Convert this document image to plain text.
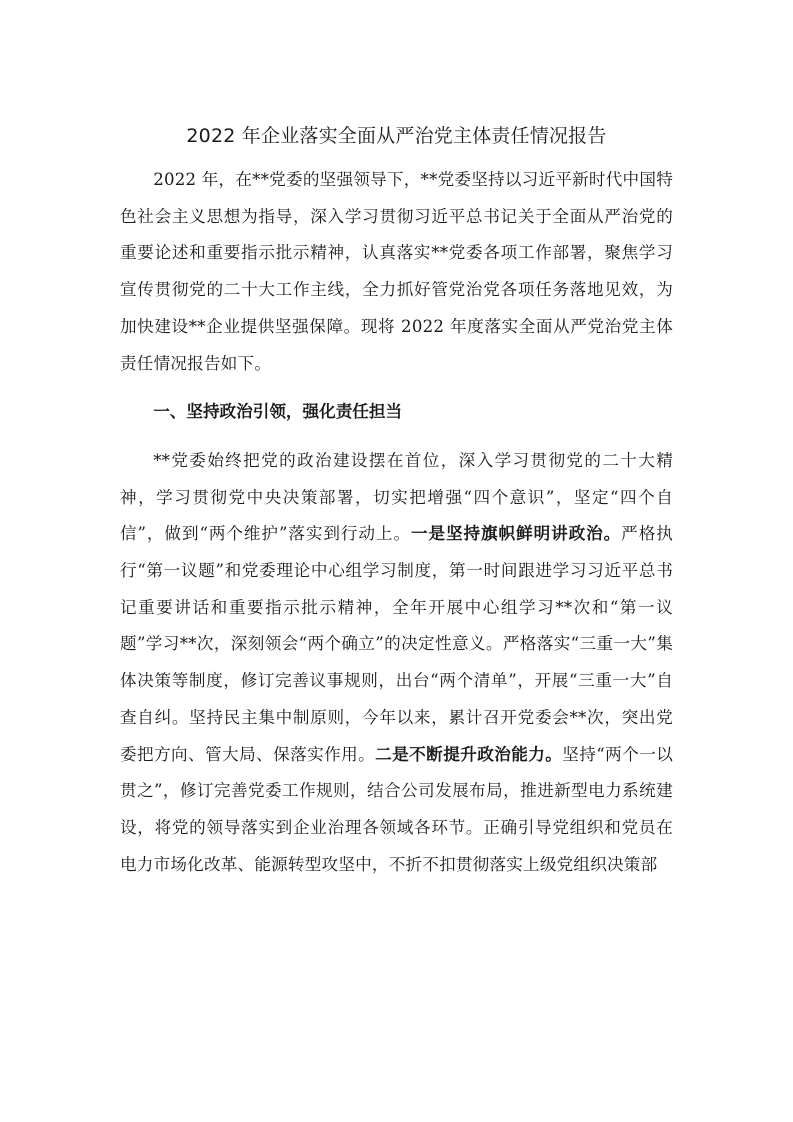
2022 年企业落实全面从严治党主体责任情况报告

2022 年，在**党委的坚强领导下，**党委坚持以习近平新时代中国特色社会主义思想为指导，深入学习贯彻习近平总书记关于全面从严治党的重要论述和重要指示批示精神，认真落实**党委各项工作部署，聚焦学习宣传贯彻党的二十大工作主线，全力抓好管党治党各项任务落地见效，为加快建设**企业提供坚强保障。现将 2022 年度落实全面从严党治党主体责任情况报告如下。

一、坚持政治引领，强化责任担当

**党委始终把党的政治建设摆在首位，深入学习贯彻党的二十大精神，学习贯彻党中央决策部署，切实把增强“四个意识”，坚定“四个自信”，做到“两个维护”落实到行动上。一是坚持旗帜鲜明讲政治。严格执行“第一议题”和党委理论中心组学习制度，第一时间跟进学习习近平总书记重要讲话和重要指示批示精神，全年开展中心组学习**次和“第一议题”学习**次，深刻领会“两个确立”的决定性意义。严格落实“三重一大”集体决策等制度，修订完善议事规则，出台“两个清单”，开展“三重一大”自查自纠。坚持民主集中制原则，今年以来，累计召开党委会**次，突出党委把方向、管大局、保落实作用。二是不断提升政治能力。坚持“两个一以贯之”，修订完善党委工作规则，结合公司发展布局，推进新型电力系统建设，将党的领导落实到企业治理各领域各环节。正确引导党组织和党员在电力市场化改革、能源转型攻坚中，不折不扣贯彻落实上级党组织决策部
